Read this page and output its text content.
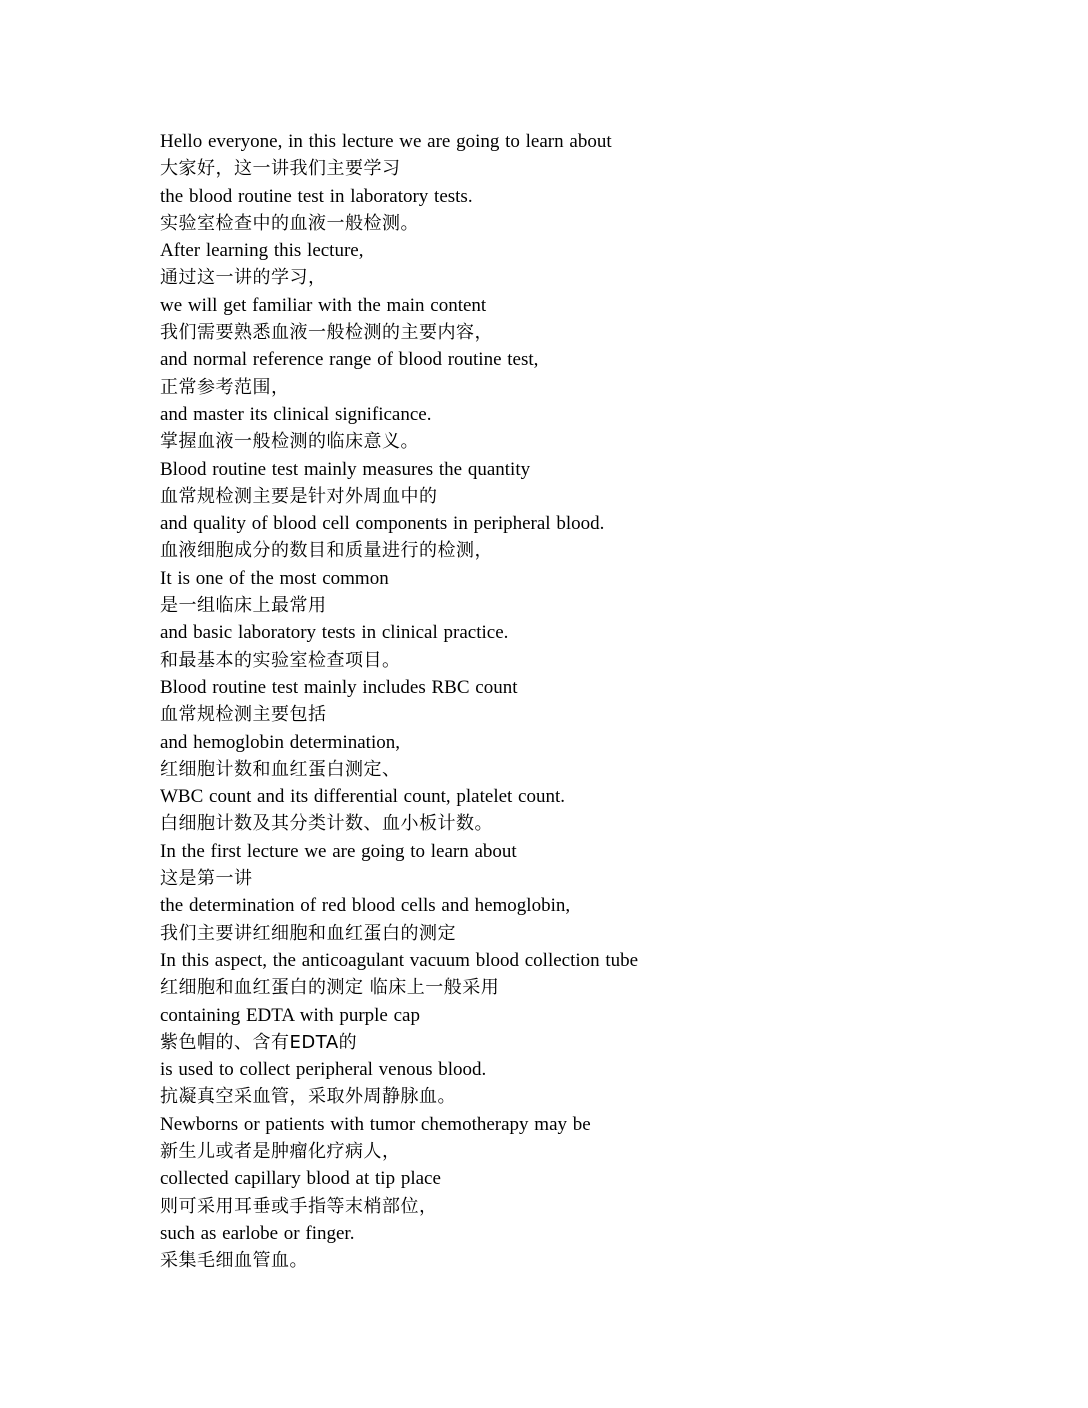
Hello everyone, in this lecture we are going to learn about
大家好，这一讲我们主要学习
the blood routine test in laboratory tests.
实验室检查中的血液一般检测。
After learning this lecture,
通过这一讲的学习，
we will get familiar with the main content
我们需要熟悉血液一般检测的主要内容，
and normal reference range of blood routine test,
正常参考范围，
and master its clinical significance.
掌握血液一般检测的临床意义。
Blood routine test mainly measures the quantity
血常规检测主要是针对外周血中的
and quality of blood cell components in peripheral blood.
血液细胞成分的数目和质量进行的检测，
It is one of the most common
是一组临床上最常用
and basic laboratory tests in clinical practice.
和最基本的实验室检查项目。
Blood routine test mainly includes RBC count
血常规检测主要包括
and hemoglobin determination,
红细胞计数和血红蛋白测定、
WBC count and its differential count, platelet count.
白细胞计数及其分类计数、血小板计数。
In the first lecture we are going to learn about
这是第一讲
the determination of red blood cells and hemoglobin,
我们主要讲红细胞和血红蛋白的测定
In this aspect, the anticoagulant vacuum blood collection tube
红细胞和血红蛋白的测定 临床上一般采用
containing EDTA with purple cap
紫色帽的、含有EDTA的
is used to collect peripheral venous blood.
抗凝真空采血管，采取外周静脉血。
Newborns or patients with tumor chemotherapy may be
新生儿或者是肿瘤化疗病人，
collected capillary blood at tip place
则可采用耳垂或手指等末梢部位，
such as earlobe or finger.
采集毛细血管血。
